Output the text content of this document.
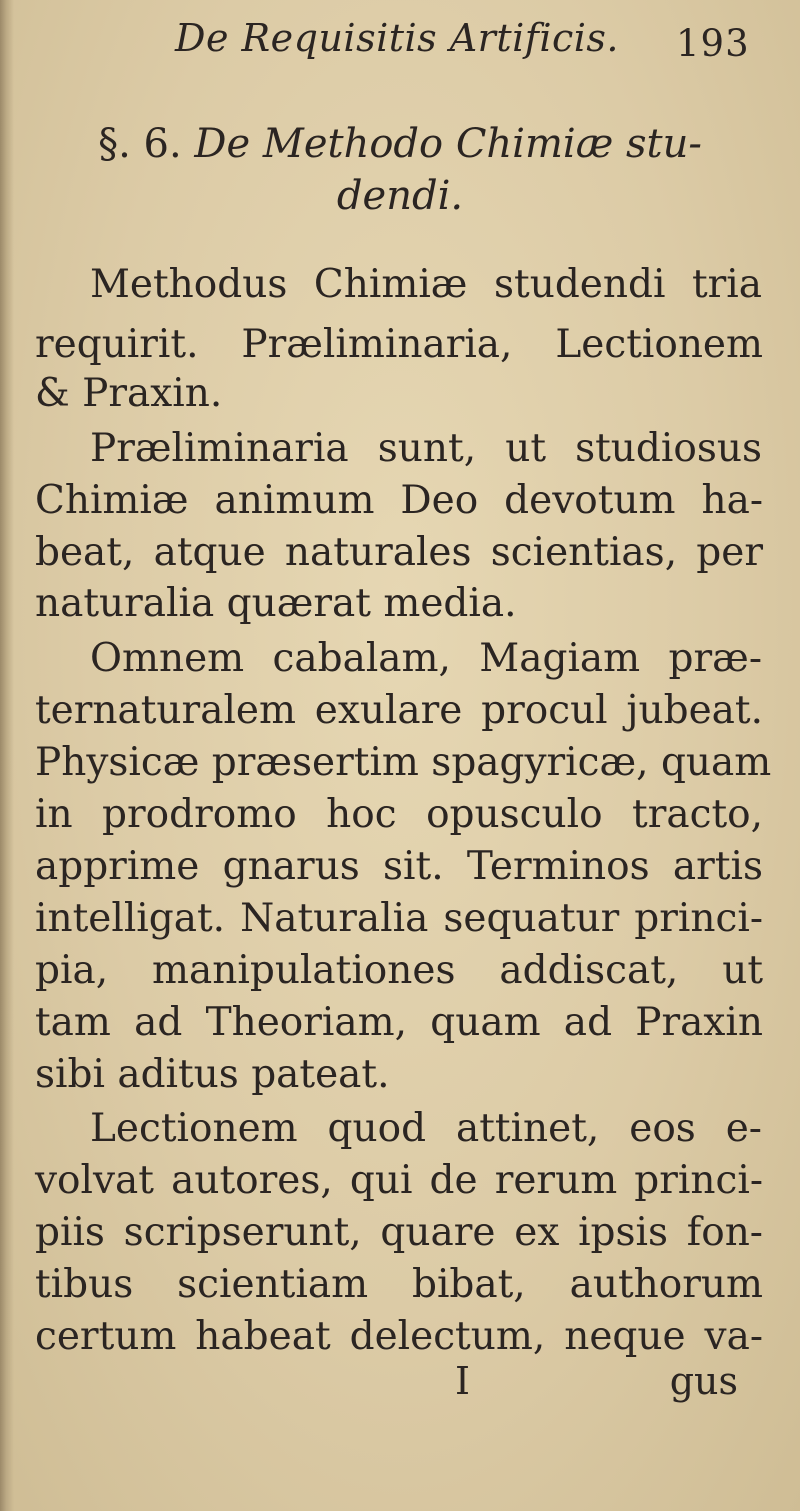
De Requisitis Artificis. 193
§. 6. De Methodo Chimiæ stu-
dendi.
Methodus Chimiæ studendi tria
requirit. Præliminaria, Lectionem
& Praxin.
Præliminaria sunt, ut studiosus
Chimiæ animum Deo devotum ha-
beat, atque naturales scientias, per
naturalia quærat media.
Omnem cabalam, Magiam præ-
ternaturalem exulare procul jubeat.
Physicæ præsertim spagyricæ, quam
in prodromo hoc opusculo tracto,
apprime gnarus sit. Terminos artis
intelligat. Naturalia sequatur princi-
pia, manipulationes addiscat, ut
tam ad Theoriam, quam ad Praxin
sibi aditus pateat.
Lectionem quod attinet, eos e-
volvat autores, qui de rerum princi-
piis scripserunt, quare ex ipsis fon-
tibus scientiam bibat, authorum
certum habeat delectum, neque va-
I	gus
